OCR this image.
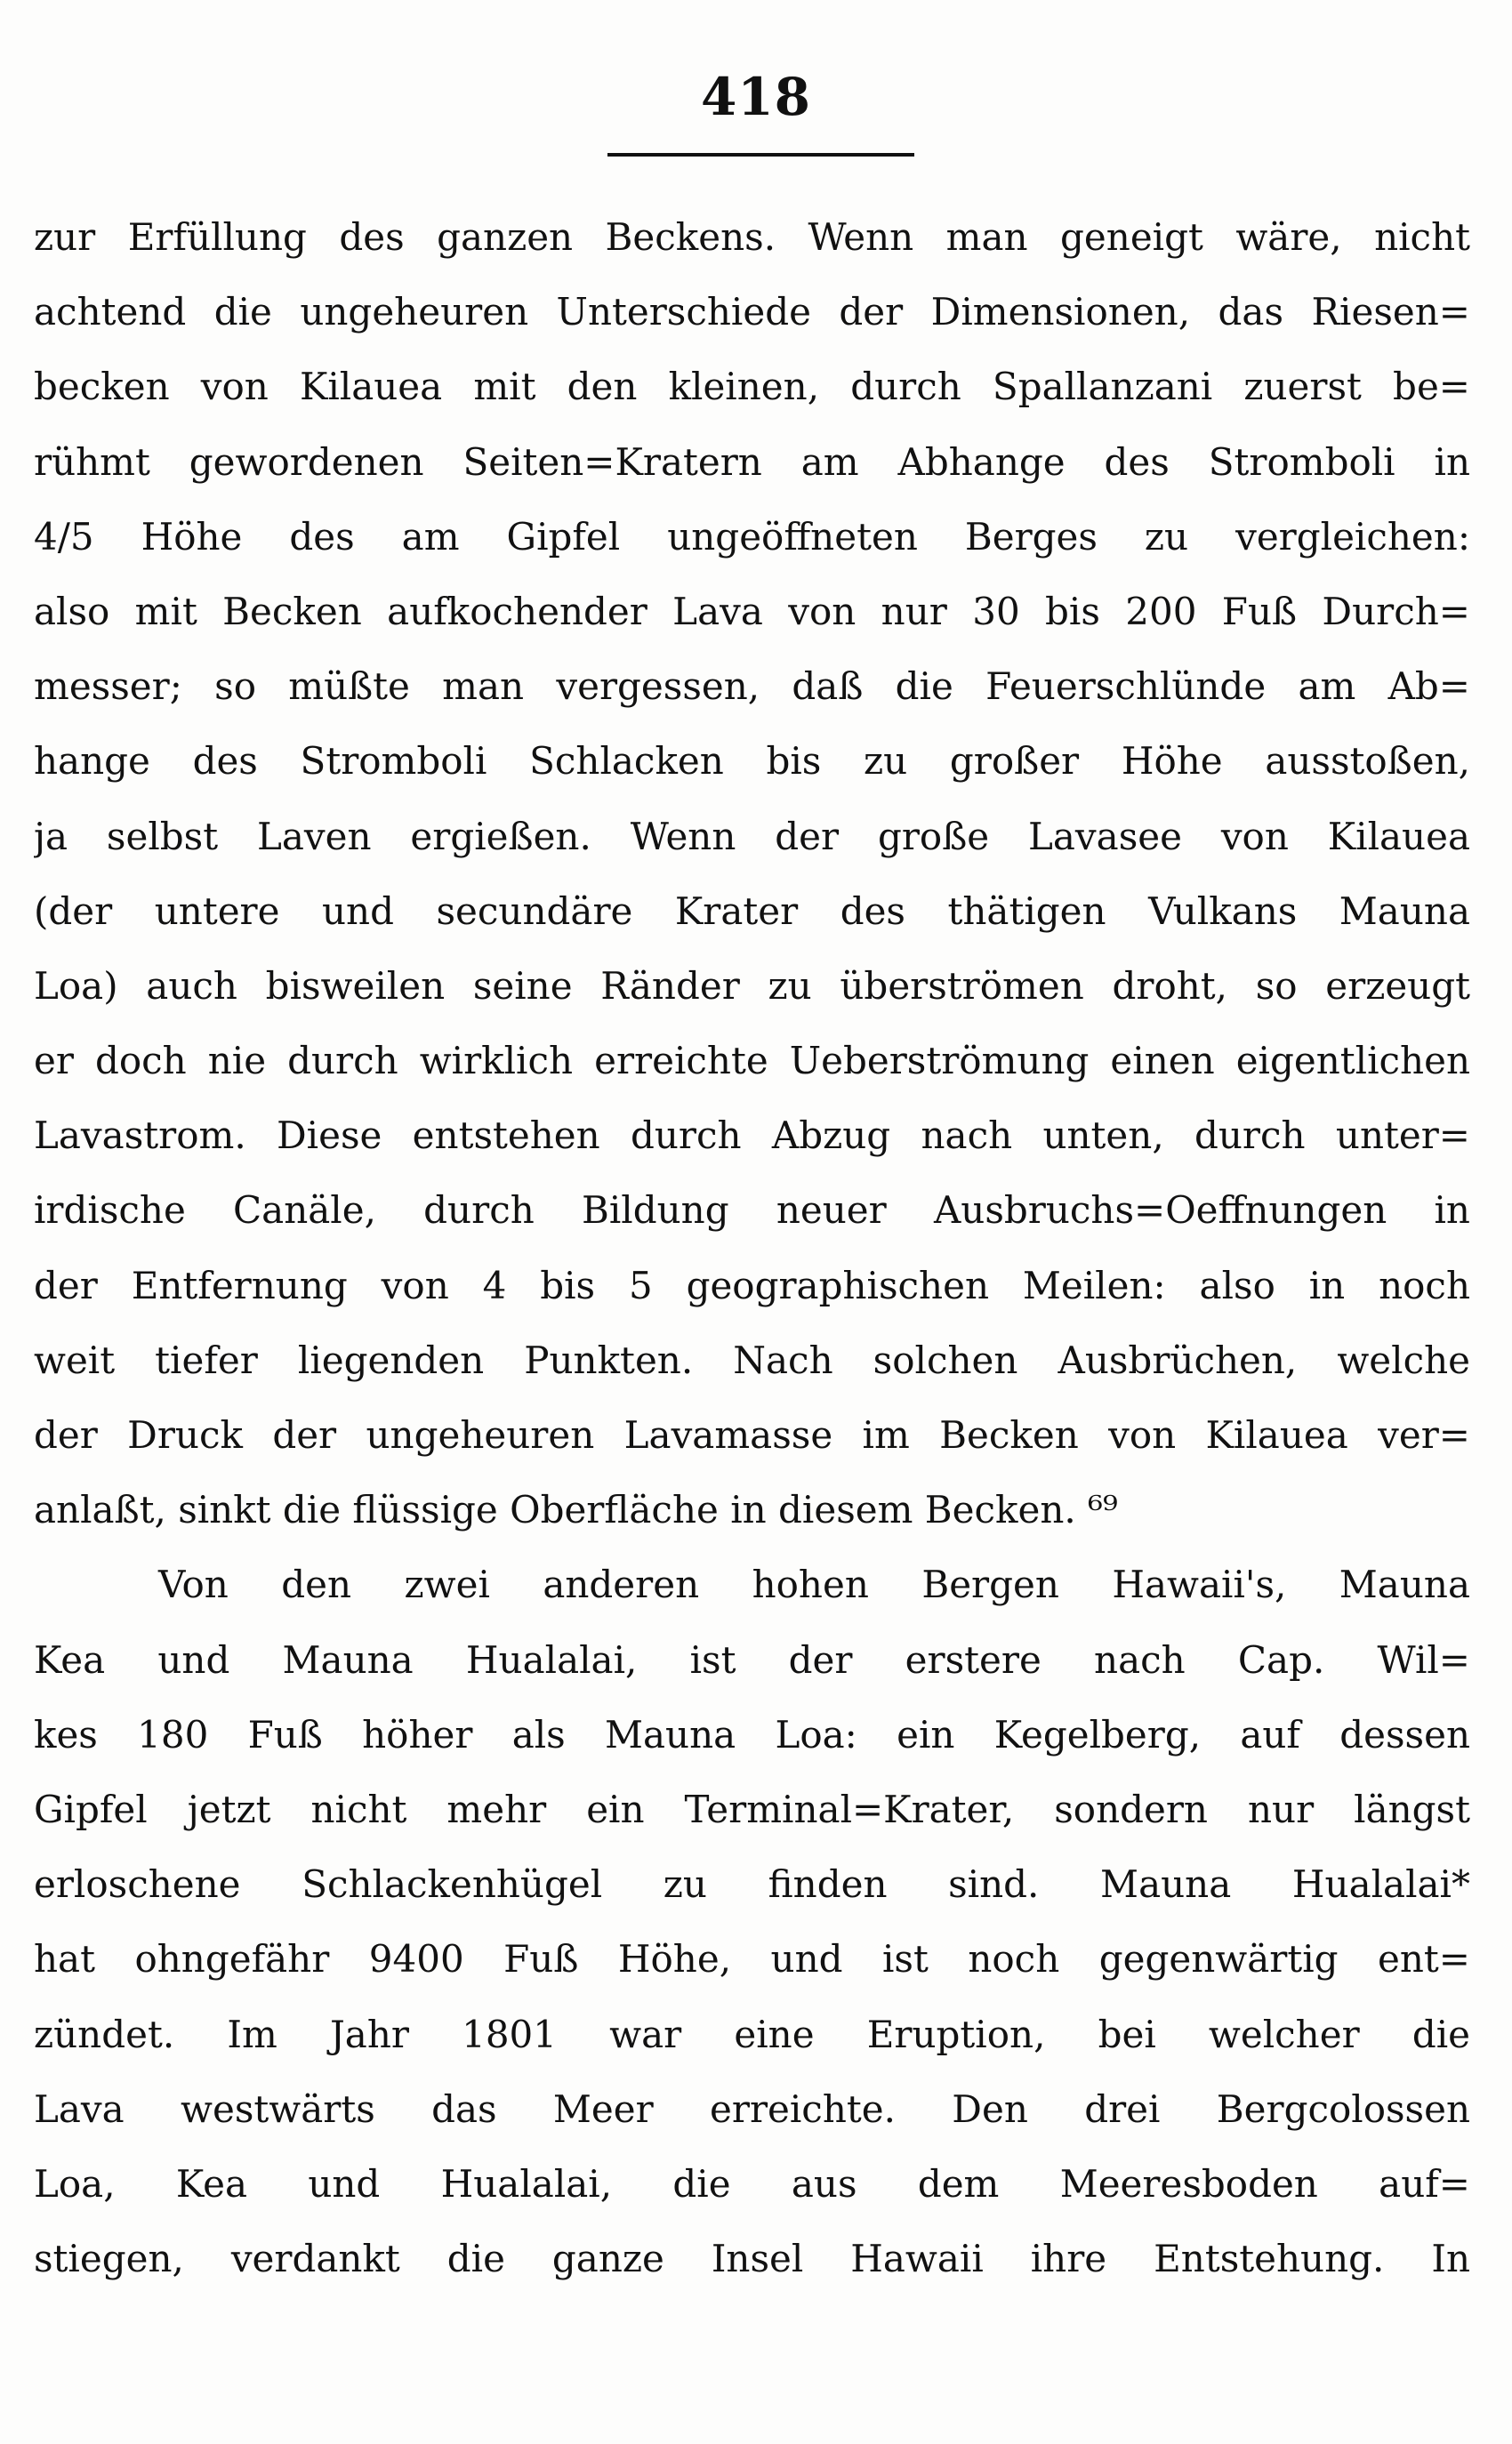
418
zur Erfüllung des ganzen Beckens. Wenn man geneigt wäre, nicht
achtend die ungeheuren Unterschiede der Dimensionen, das Riesen=
becken von Kilauea mit den kleinen, durch Spallanzani zuerst be=
rühmt gewordenen Seiten=Kratern am Abhange des Stromboli in
4/5 Höhe des am Gipfel ungeöffneten Berges zu vergleichen:
also mit Becken aufkochender Lava von nur 30 bis 200 Fuß Durch=
messer; so müßte man vergessen, daß die Feuerschlünde am Ab=
hange des Stromboli Schlacken bis zu großer Höhe ausstoßen,
ja selbst Laven ergießen. Wenn der große Lavasee von Kilauea
(der untere und secundäre Krater des thätigen Vulkans Mauna
Loa) auch bisweilen seine Ränder zu überströmen droht, so erzeugt
er doch nie durch wirklich erreichte Ueberströmung einen eigentlichen
Lavastrom. Diese entstehen durch Abzug nach unten, durch unter=
irdische Canäle, durch Bildung neuer Ausbruchs=Oeffnungen in
der Entfernung von 4 bis 5 geographischen Meilen: also in noch
weit tiefer liegenden Punkten. Nach solchen Ausbrüchen, welche
der Druck der ungeheuren Lavamasse im Becken von Kilauea ver=
anlaßt, sinkt die flüssige Oberfläche in diesem Becken. ⁶⁹
Von den zwei anderen hohen Bergen Hawaii's, Mauna
Kea und Mauna Hualalai, ist der erstere nach Cap. Wil=
kes 180 Fuß höher als Mauna Loa: ein Kegelberg, auf dessen
Gipfel jetzt nicht mehr ein Terminal=Krater, sondern nur längst
erloschene Schlackenhügel zu finden sind. Mauna Hualalai*
hat ohngefähr 9400 Fuß Höhe, und ist noch gegenwärtig ent=
zündet. Im Jahr 1801 war eine Eruption, bei welcher die
Lava westwärts das Meer erreichte. Den drei Bergcolossen
Loa, Kea und Hualalai, die aus dem Meeresboden auf=
stiegen, verdankt die ganze Insel Hawaii ihre Entstehung. In
